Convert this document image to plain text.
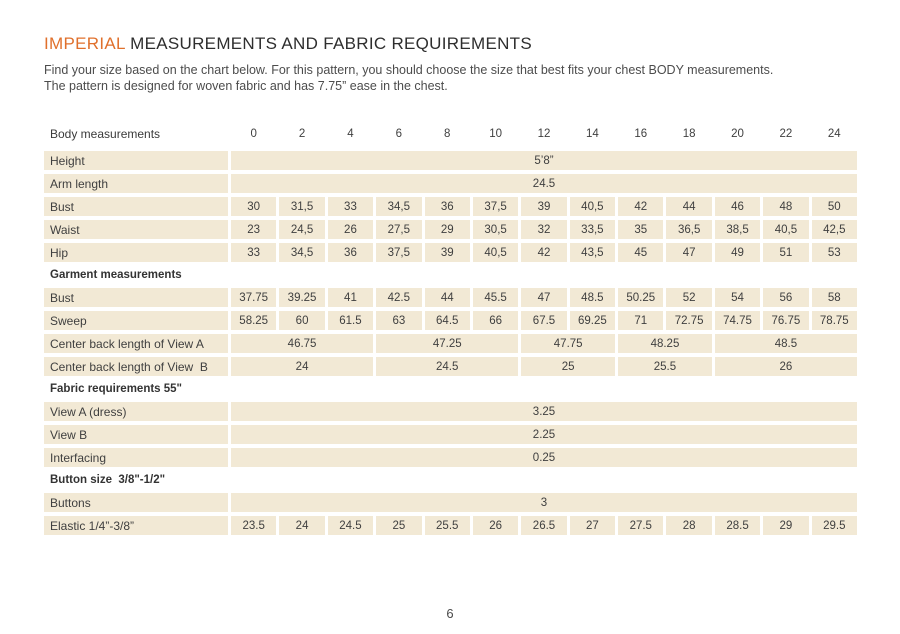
IMPERIAL MEASUREMENTS AND FABRIC REQUIREMENTS
Find your size based on the chart below. For this pattern, you should choose the size that best fits your chest BODY measurements.
The pattern is designed for woven fabric and has 7.75” ease in the chest.
Body measurements	0	2	4	6	8	10	12	14	16	18	20	22	24
Height	5’8”
Arm length	24.5
Bust	30	31,5	33	34,5	36	37,5	39	40,5	42	44	46	48	50
Waist	23	24,5	26	27,5	29	30,5	32	33,5	35	36,5	38,5	40,5	42,5
Hip	33	34,5	36	37,5	39	40,5	42	43,5	45	47	49	51	53
Garment measurements
Bust	37.75	39.25	41	42.5	44	45.5	47	48.5	50.25	52	54	56	58
Sweep	58.25	60	61.5	63	64.5	66	67.5	69.25	71	72.75	74.75	76.75	78.75
Center back length of View A	46.75	47.25	47.75	48.25	48.5
Center back length of View  B	24	24.5	25	25.5	26
Fabric requirements 55"
View A (dress)	3.25
View B	2.25
Interfacing	0.25
Button size  3/8"-1/2"
Buttons	3
Elastic 1/4”-3/8”	23.5	24	24.5	25	25.5	26	26.5	27	27.5	28	28.5	29	29.5
6
